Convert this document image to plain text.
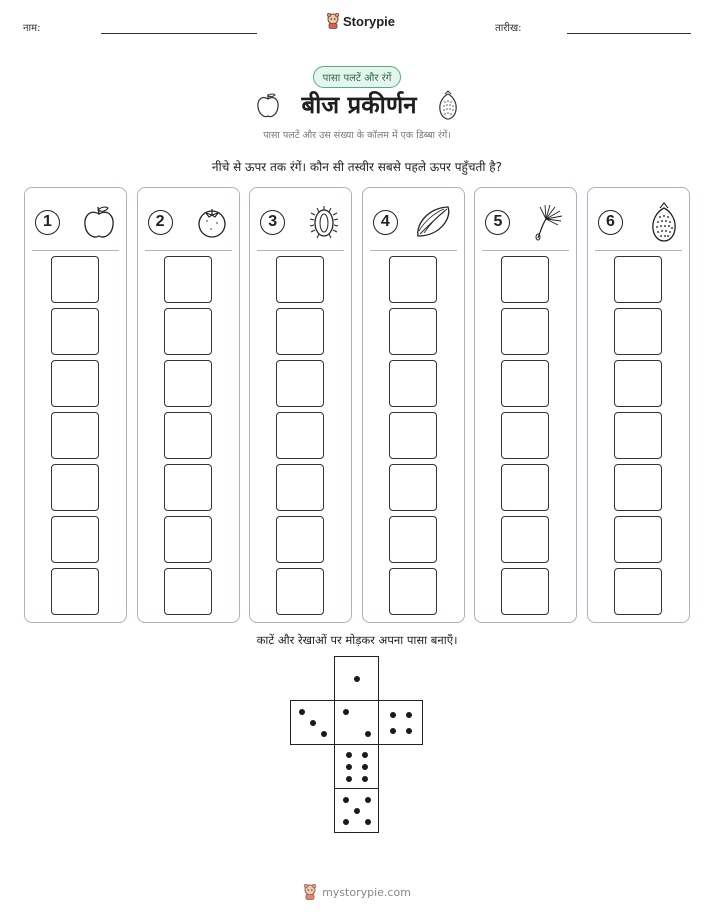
नाम:	Storypie	तारीख:
पासा पलटें और रंगें
बीज प्रकीर्णन
पासा पलटें और उस संख्या के कॉलम में एक डिब्बा रंगें।
नीचे से ऊपर तक रंगें। कौन सी तस्वीर सबसे पहले ऊपर पहुँचती है?
1	2	3	4	5	6
काटें और रेखाओं पर मोड़कर अपना पासा बनाएँ।
mystorypie.com
